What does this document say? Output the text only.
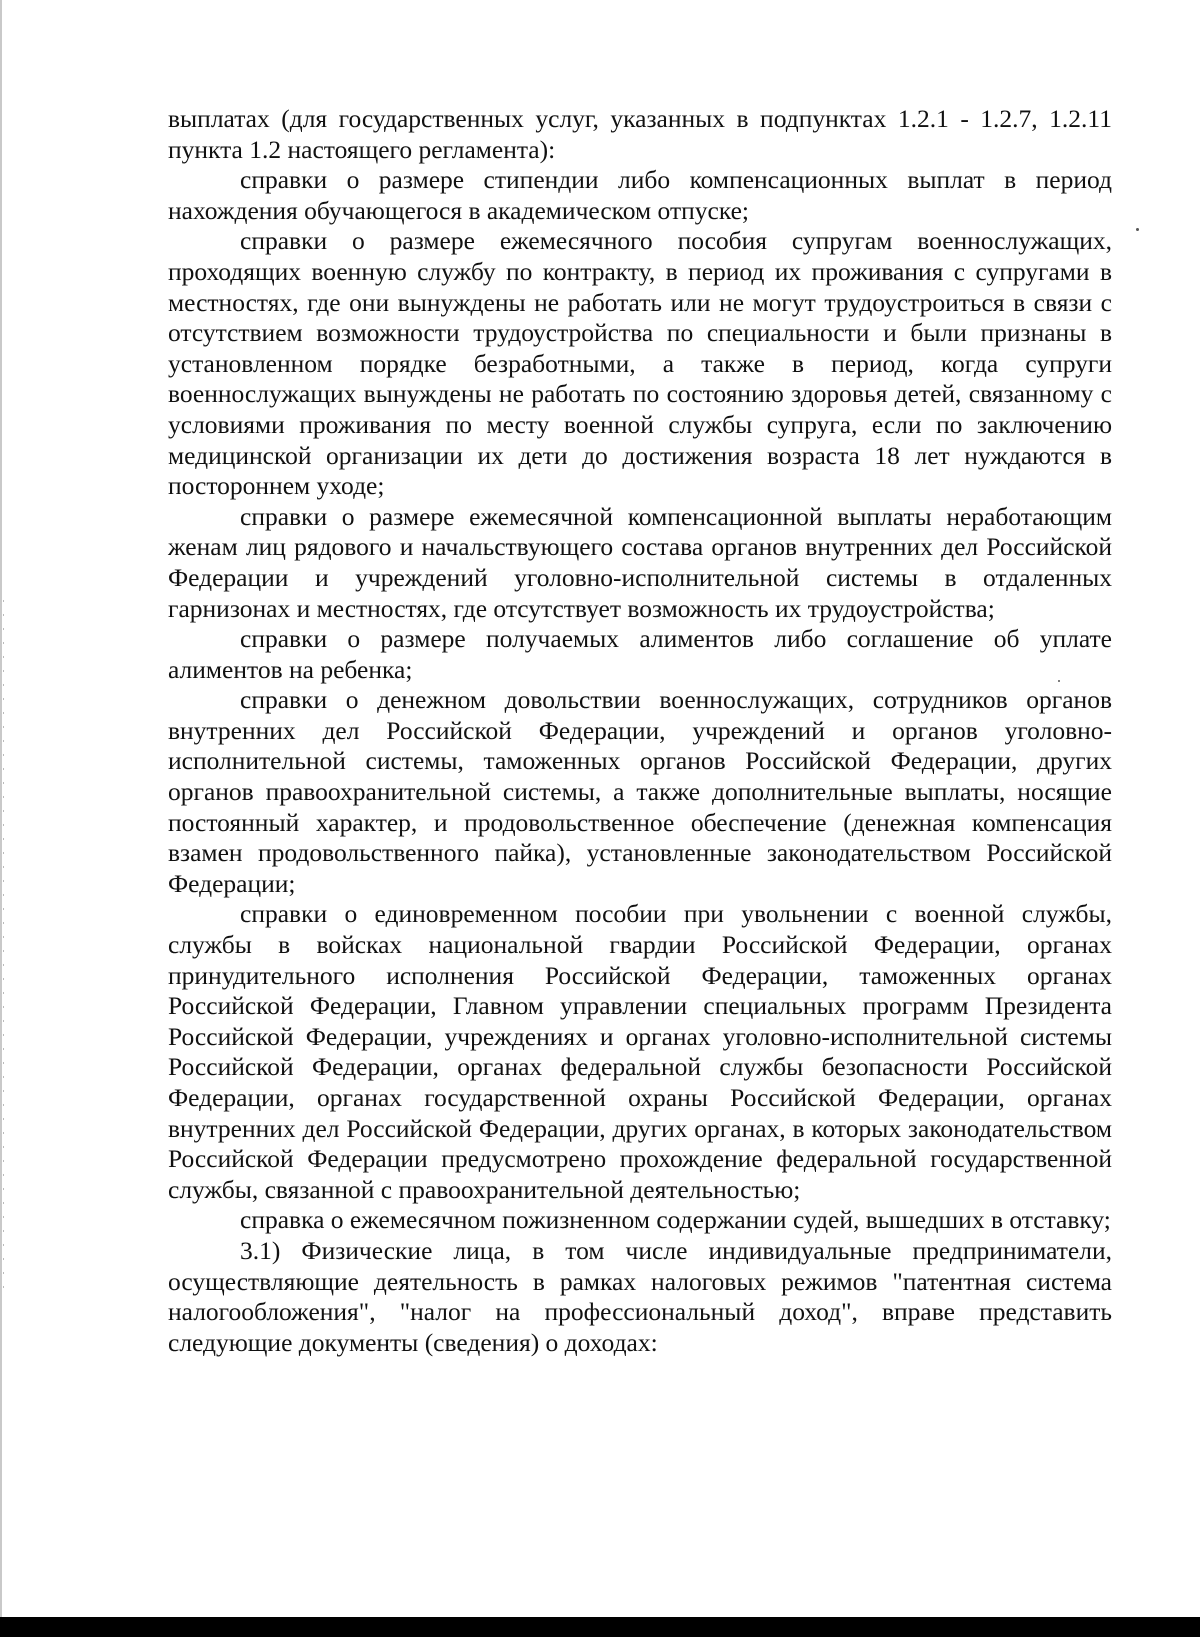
выплатах (для государственных услуг, указанных в подпунктах 1.2.1 - 1.2.7, 1.2.11 пункта 1.2 настоящего регламента):

справки о размере стипендии либо компенсационных выплат в период нахождения обучающегося в академическом отпуске;

справки о размере ежемесячного пособия супругам военнослужащих, проходящих военную службу по контракту, в период их проживания с супругами в местностях, где они вынуждены не работать или не могут трудоустроиться в связи с отсутствием возможности трудоустройства по специальности и были признаны в установленном порядке безработными, а также в период, когда супруги военнослужащих вынуждены не работать по состоянию здоровья детей, связанному с условиями проживания по месту военной службы супруга, если по заключению медицинской организации их дети до достижения возраста 18 лет нуждаются в постороннем уходе;

справки о размере ежемесячной компенсационной выплаты неработающим женам лиц рядового и начальствующего состава органов внутренних дел Российской Федерации и учреждений уголовно-исполнительной системы в отдаленных гарнизонах и местностях, где отсутствует возможность их трудоустройства;

справки о размере получаемых алиментов либо соглашение об уплате алиментов на ребенка;

справки о денежном довольствии военнослужащих, сотрудников органов внутренних дел Российской Федерации, учреждений и органов уголовно-исполнительной системы, таможенных органов Российской Федерации, других органов правоохранительной системы, а также дополнительные выплаты, носящие постоянный характер, и продовольственное обеспечение (денежная компенсация взамен продовольственного пайка), установленные законодательством Российской Федерации;

справки о единовременном пособии при увольнении с военной службы, службы в войсках национальной гвардии Российской Федерации, органах принудительного исполнения Российской Федерации, таможенных органах Российской Федерации, Главном управлении специальных программ Президента Российской Федерации, учреждениях и органах уголовно-исполнительной системы Российской Федерации, органах федеральной службы безопасности Российской Федерации, органах государственной охраны Российской Федерации, органах внутренних дел Российской Федерации, других органах, в которых законодательством Российской Федерации предусмотрено прохождение федеральной государственной службы, связанной с правоохранительной деятельностью;

справка о ежемесячном пожизненном содержании судей, вышедших в отставку;

3.1) Физические лица, в том числе индивидуальные предприниматели, осуществляющие деятельность в рамках налоговых режимов "патентная система налогообложения", "налог на профессиональный доход", вправе представить следующие документы (сведения) о доходах:
